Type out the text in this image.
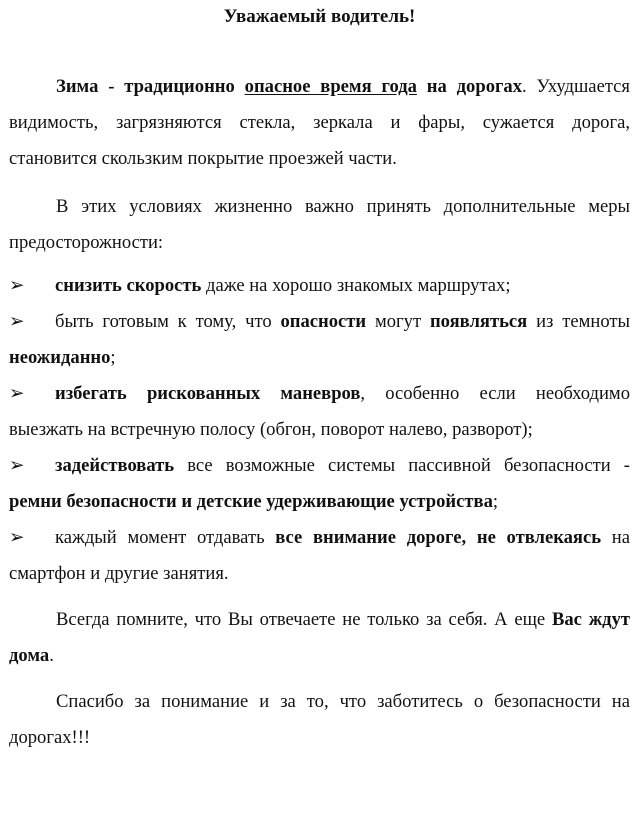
Уважаемый водитель!

Зима - традиционно опасное время года на дорогах. Ухудшается видимость, загрязняются стекла, зеркала и фары, сужается дорога, становится скользким покрытие проезжей части.

В этих условиях жизненно важно принять дополнительные меры предосторожности:

➢ снизить скорость даже на хорошо знакомых маршрутах;

➢ быть готовым к тому, что опасности могут появляться из темноты неожиданно;

➢ избегать рискованных маневров, особенно если необходимо выезжать на встречную полосу (обгон, поворот налево, разворот);

➢ задействовать все возможные системы пассивной безопасности - ремни безопасности и детские удерживающие устройства;

➢ каждый момент отдавать все внимание дороге, не отвлекаясь на смартфон и другие занятия.

Всегда помните, что Вы отвечаете не только за себя. А еще Вас ждут дома.

Спасибо за понимание и за то, что заботитесь о безопасности на дорогах!!!
